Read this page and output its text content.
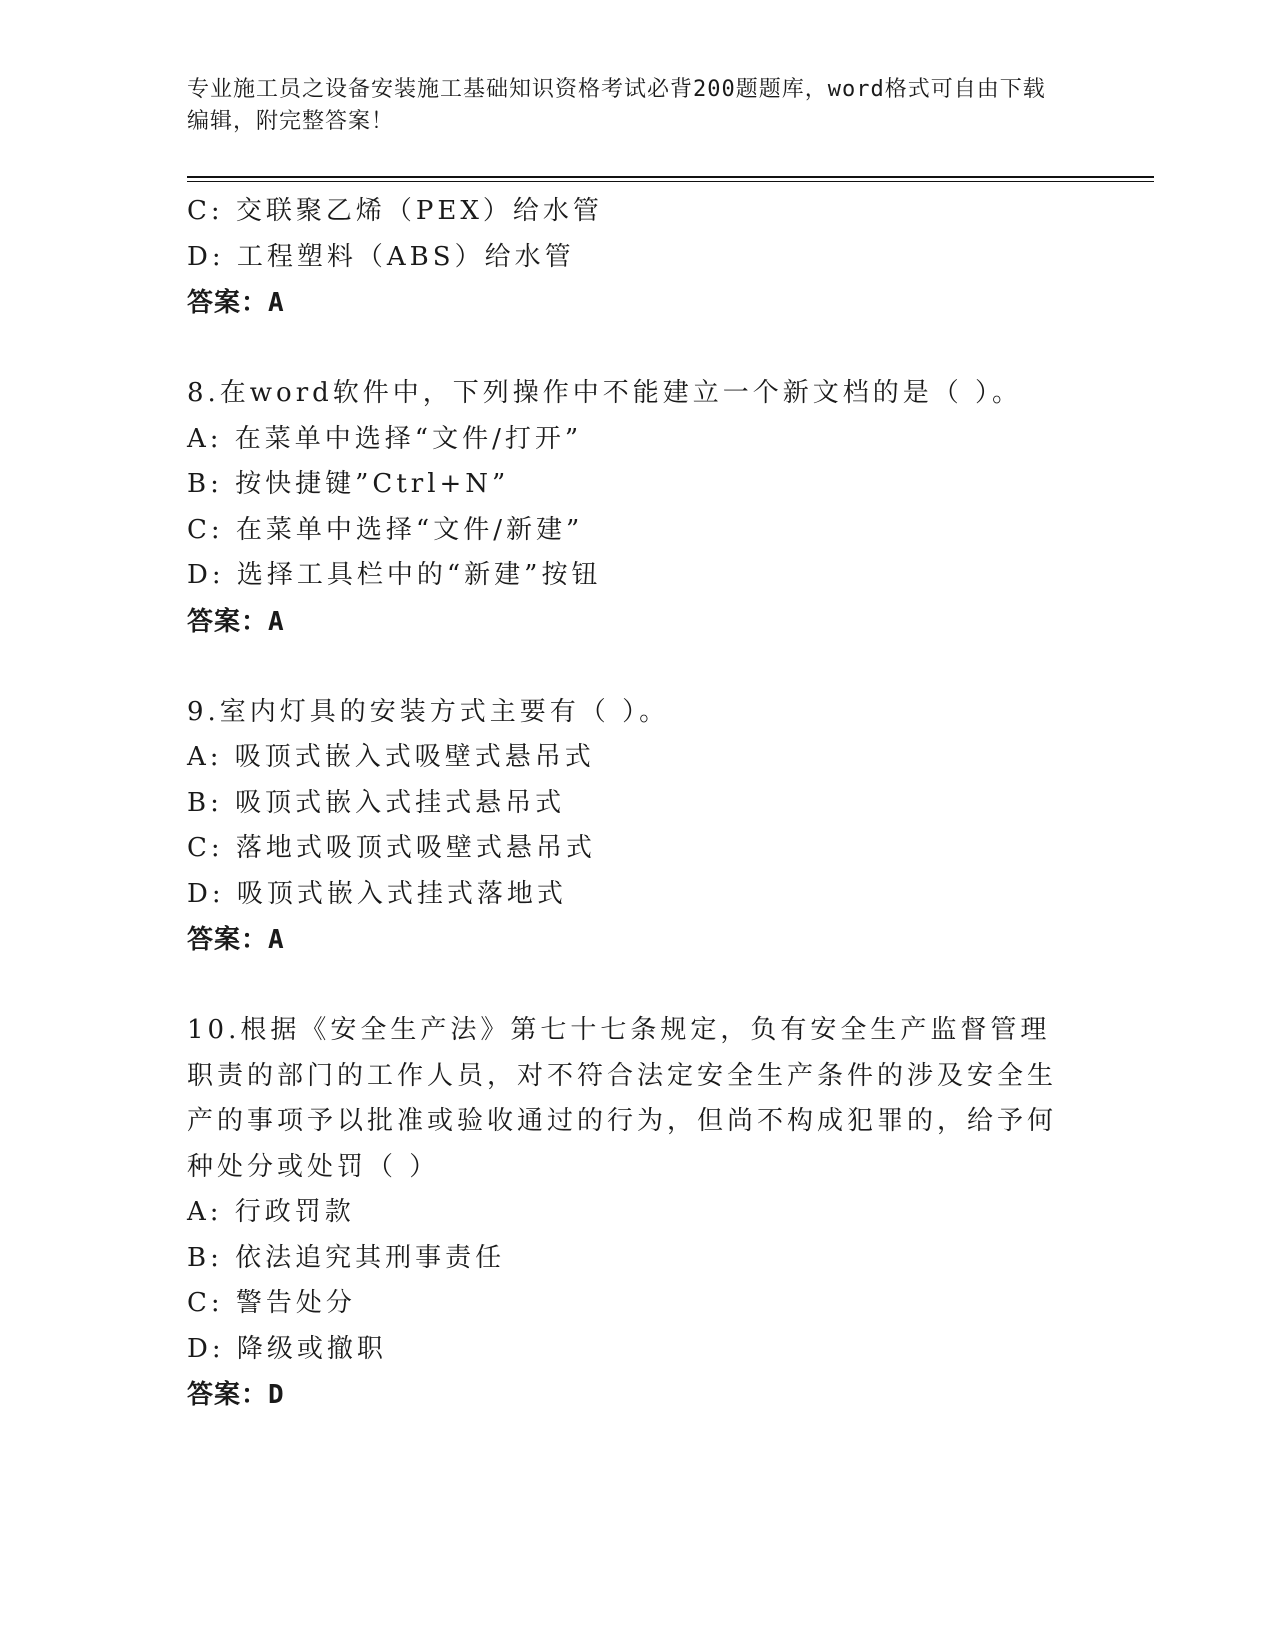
专业施工员之设备安装施工基础知识资格考试必背200题题库，word格式可自由下载编辑，附完整答案！
C: 交联聚乙烯（PEX）给水管
D: 工程塑料（ABS）给水管
答案：A
8.在word软件中，下列操作中不能建立一个新文档的是（ ）。
A: 在菜单中选择“文件/打开”
B: 按快捷键”Ctrl+N”
C: 在菜单中选择“文件/新建”
D: 选择工具栏中的“新建”按钮
答案：A
9.室内灯具的安装方式主要有（ ）。
A: 吸顶式嵌入式吸壁式悬吊式
B: 吸顶式嵌入式挂式悬吊式
C: 落地式吸顶式吸壁式悬吊式
D: 吸顶式嵌入式挂式落地式
答案：A
10.根据《安全生产法》第七十七条规定，负有安全生产监督管理职责的部门的工作人员，对不符合法定安全生产条件的涉及安全生产的事项予以批准或验收通过的行为，但尚不构成犯罪的，给予何种处分或处罚（ ）
A: 行政罚款
B: 依法追究其刑事责任
C: 警告处分
D: 降级或撤职
答案：D
